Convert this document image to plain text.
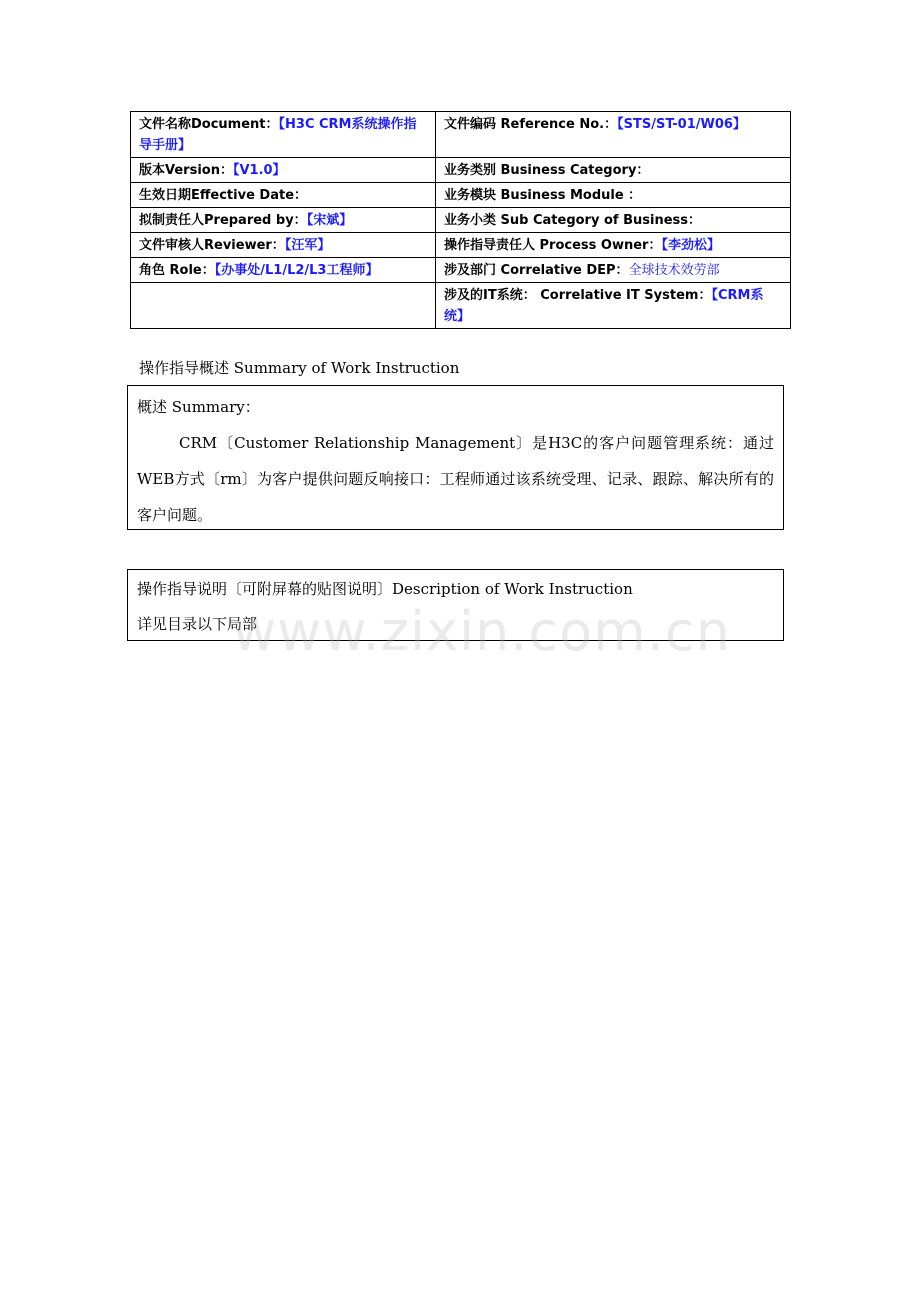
文件名称Document：【H3C CRM系统操作指导手册】	文件编码 Reference No.：【STS/ST-01/W06】
版本Version：【V1.0】	业务类别 Business Category：
生效日期Effective Date：	业务模块 Business Module ：
拟制责任人Prepared by：【宋斌】	业务小类 Sub Category of Business：
文件审核人Reviewer：【汪军】	操作指导责任人 Process Owner：【李劲松】
角色 Role：【办事处/L1/L2/L3工程师】	涉及部门 Correlative DEP：全球技术效劳部
	涉及的IT系统： Correlative IT System：【CRM系统】
操作指导概述 Summary of Work Instruction
概述 Summary：
CRM〔Customer Relationship Management〕是H3C的客户问题管理系统：通过WEB方式〔rm〕为客户提供问题反响接口：工程师通过该系统受理、记录、跟踪、解决所有的客户问题。
操作指导说明〔可附屏幕的贴图说明〕Description of Work Instruction
详见目录以下局部
www.zixin.com.cn
